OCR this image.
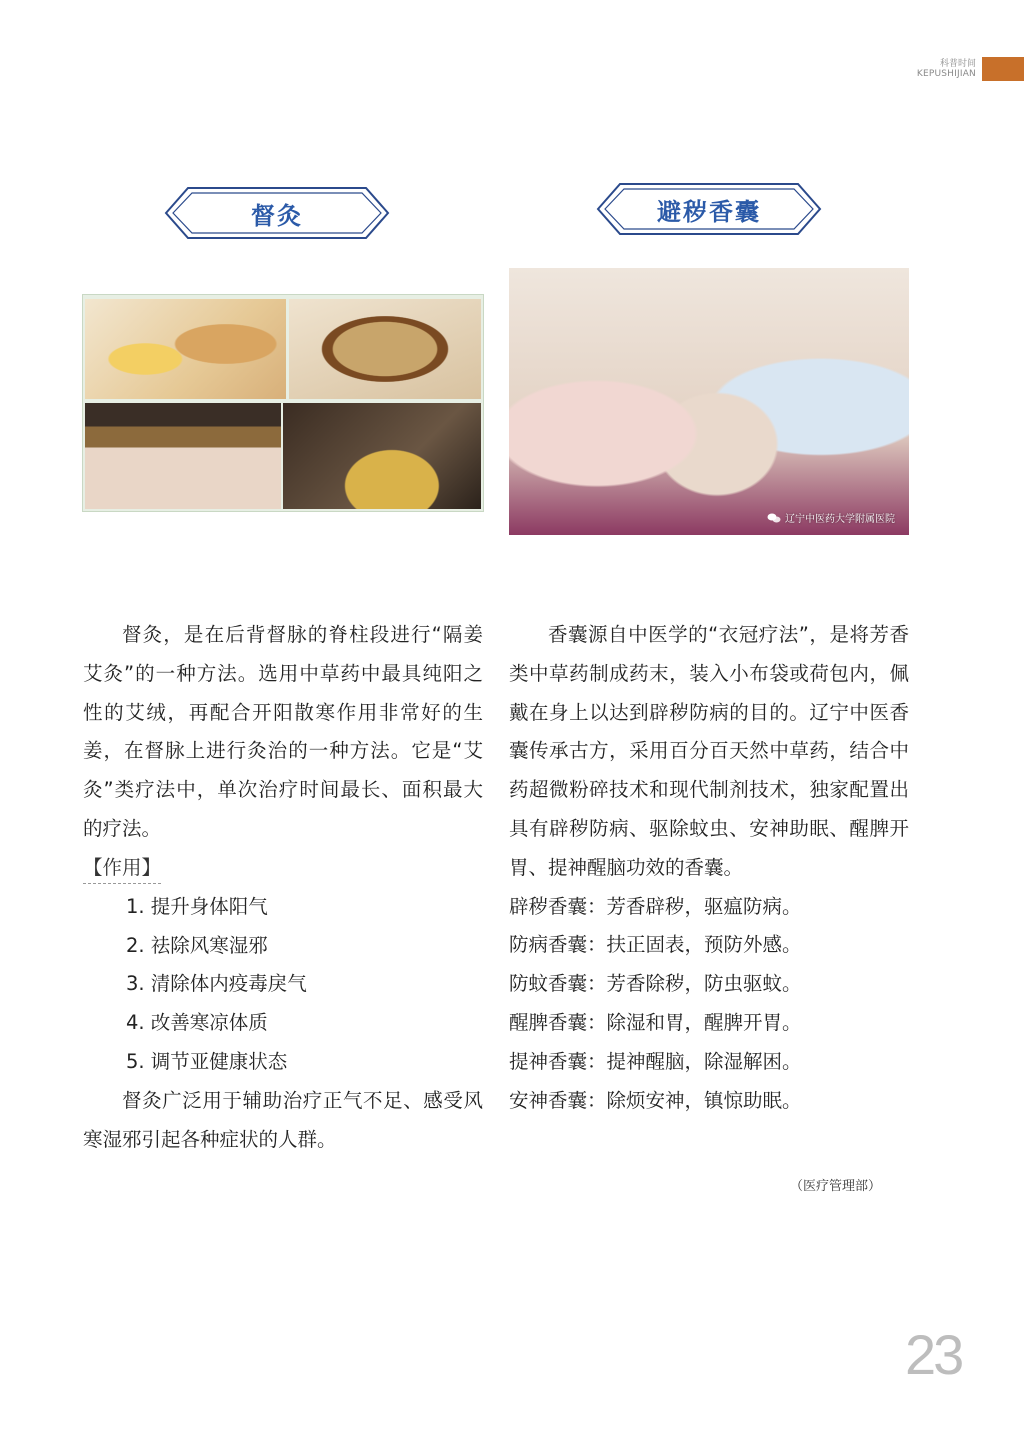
科普时间
KEPUSHIJIAN
督灸	避秽香囊
辽宁中医药大学附属医院

督灸，是在后背督脉的脊柱段进行“隔姜艾灸”的一种方法。选用中草药中最具纯阳之性的艾绒，再配合开阳散寒作用非常好的生姜，在督脉上进行灸治的一种方法。它是“艾灸”类疗法中，单次治疗时间最长、面积最大的疗法。

【作用】
1. 提升身体阳气
2. 祛除风寒湿邪
3. 清除体内疫毒戾气
4. 改善寒凉体质
5. 调节亚健康状态

督灸广泛用于辅助治疗正气不足、感受风寒湿邪引起各种症状的人群。

香囊源自中医学的“衣冠疗法”，是将芳香类中草药制成药末，装入小布袋或荷包内，佩戴在身上以达到辟秽防病的目的。辽宁中医香囊传承古方，采用百分百天然中草药，结合中药超微粉碎技术和现代制剂技术，独家配置出具有辟秽防病、驱除蚊虫、安神助眠、醒脾开胃、提神醒脑功效的香囊。

辟秽香囊：芳香辟秽，驱瘟防病。
防病香囊：扶正固表，预防外感。
防蚊香囊：芳香除秽，防虫驱蚊。
醒脾香囊：除湿和胃，醒脾开胃。
提神香囊：提神醒脑，除湿解困。
安神香囊：除烦安神，镇惊助眠。
（医疗管理部）
23
